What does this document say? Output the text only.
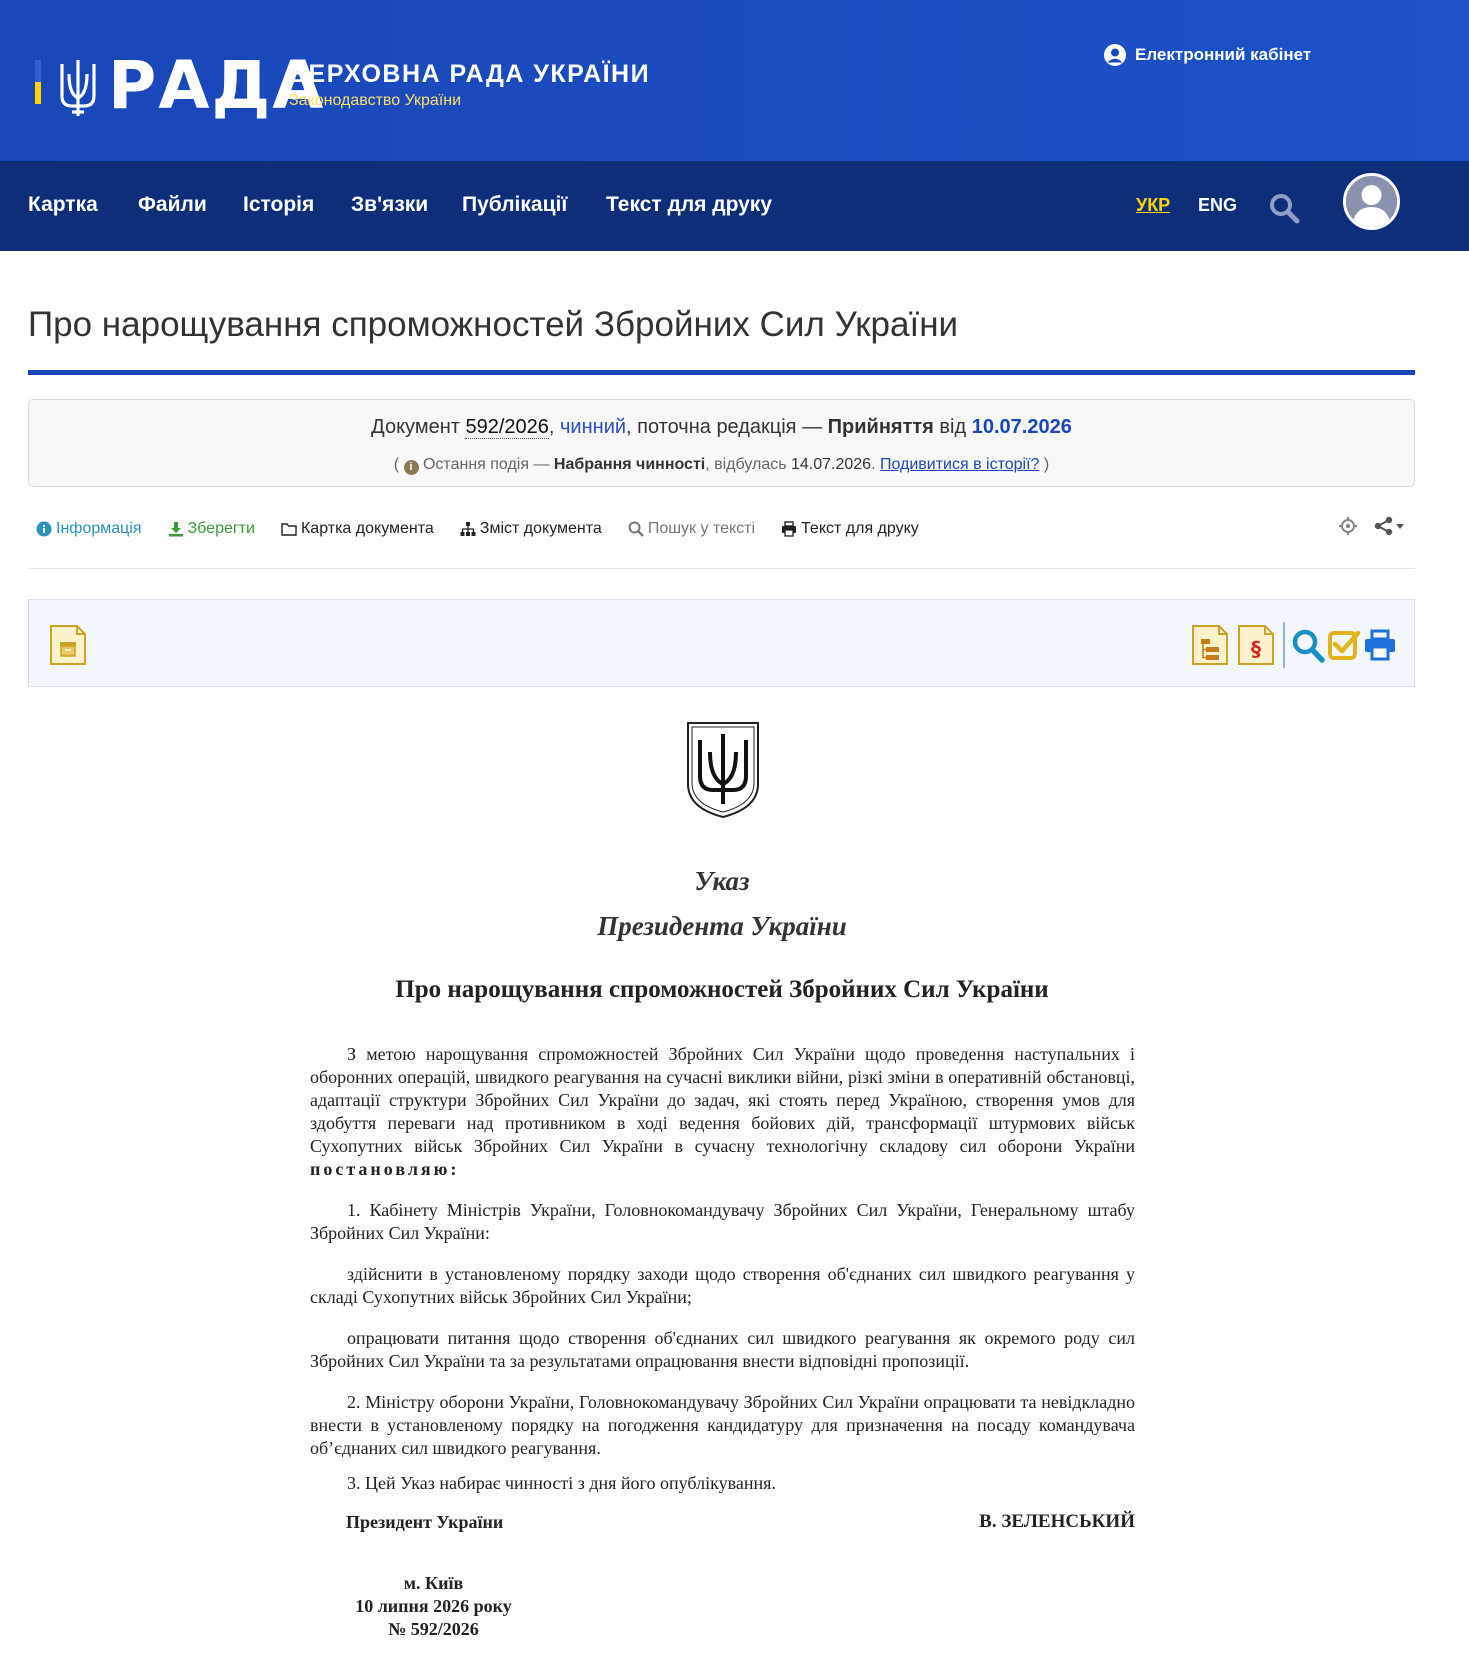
РАДА
ВЕРХОВНА РАДА УКРАЇНИ
Законодавство України
Електронний кабінет
Картка Файли Історія Зв'язки Публікації Текст для друку	УКР ENG
Про нарощування спроможностей Збройних Сил України
Документ 592/2026, чинний, поточна редакція — Прийняття від 10.07.2026
( i Остання подія — Набрання чинності, відбулась 14.07.2026. Подивитися в історії? )
Інформація	Зберегти	Картка документа	Зміст документа	Пошук у тексті	Текст для друку
§
Указ
Президента України
Про нарощування спроможностей Збройних Сил України

З метою нарощування спроможностей Збройних Сил України щодо проведення наступальних і оборонних операцій, швидкого реагування на сучасні виклики війни, різкі зміни в оперативній обстановці, адаптації структури Збройних Сил України до задач, які стоять перед Україною, створення умов для здобуття переваги над противником в ході ведення бойових дій, трансформації штурмових військ Сухопутних військ Збройних Сил України в сучасну технологічну складову сил оборони України постановляю:

1. Кабінету Міністрів України, Головнокомандувачу Збройних Сил України, Генеральному штабу Збройних Сил України:

здійснити в установленому порядку заходи щодо створення об'єднаних сил швидкого реагування у складі Сухопутних військ Збройних Сил України;

опрацювати питання щодо створення об'єднаних сил швидкого реагування як окремого роду сил Збройних Сил України та за результатами опрацювання внести відповідні пропозиції.

2. Міністру оборони України, Головнокомандувачу Збройних Сил України опрацювати та невідкладно внести в установленому порядку на погодження кандидатуру для призначення на посаду командувача об’єднаних сил швидкого реагування.

3. Цей Указ набирає чинності з дня його опублікування.

Президент України	В. ЗЕЛЕНСЬКИЙ
м. Київ
10 липня 2026 року
№ 592/2026
